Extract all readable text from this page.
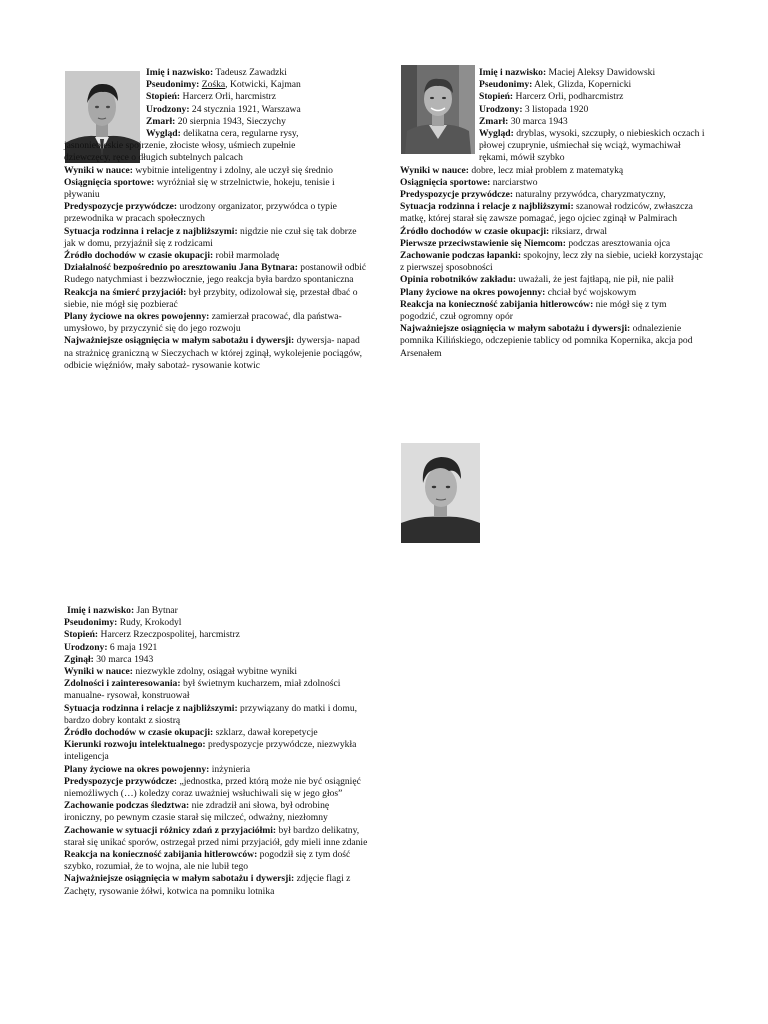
Imię i nazwisko: Tadeusz Zawadzki

Pseudonimy: Zośka, Kotwicki, Kajman

Stopień: Harcerz Orli, harcmistrz

Urodzony: 24 stycznia 1921, Warszawa

Zmarł: 20 sierpnia 1943, Sieczychy

Wygląd: delikatna cera, regularne rysy, jasnoniebieskie spojrzenie, złociste włosy, uśmiech zupełnie dziewczęcy, ręce o długich subtelnych palcach

Wyniki w nauce: wybitnie inteligentny i zdolny, ale uczył się średnio

Osiągnięcia sportowe: wyróżniał się w strzelnictwie, hokeju, tenisie i pływaniu

Predyspozycje przywódcze: urodzony organizator, przywódca o typie przewodnika w pracach społecznych

Sytuacja rodzinna i relacje z najbliższymi: nigdzie nie czuł się tak dobrze jak w domu, przyjaźnił się z rodzicami

Źródło dochodów w czasie okupacji: robił marmoladę

Działalność bezpośrednio po aresztowaniu Jana Bytnara: postanowił odbić Rudego natychmiast i bezzwłocznie, jego reakcja była bardzo spontaniczna

Reakcja na śmierć przyjaciół: był przybity, odizolował się, przestał dbać o siebie, nie mógł się pozbierać

Plany życiowe na okres powojenny: zamierzał pracować, dla państwa- umysłowo, by przyczynić się do jego rozwoju

Najważniejsze osiągnięcia w małym sabotażu i dywersji: dywersja- napad na strażnicę graniczną w Sieczychach w której zginął, wykolejenie pociągów, odbicie więźniów, mały sabotaż- rysowanie kotwic

Imię i nazwisko: Maciej Aleksy Dawidowski

Pseudonimy: Alek, Glizda, Kopernicki

Stopień: Harcerz Orli, podharcmistrz

Urodzony: 3 listopada 1920

Zmarł: 30 marca 1943

Wygląd: dryblas, wysoki, szczupły, o niebieskich oczach i płowej czuprynie, uśmiechał się wciąż, wymachiwał rękami, mówił szybko

Wyniki w nauce: dobre, lecz miał problem z matematyką

Osiągnięcia sportowe: narciarstwo

Predyspozycje przywódcze: naturalny przywódca, charyzmatyczny,

Sytuacja rodzinna i relacje z najbliższymi: szanował rodziców, zwłaszcza matkę, której starał się zawsze pomagać, jego ojciec zginął w Palmirach

Źródło dochodów w czasie okupacji: riksiarz, drwal

Pierwsze przeciwstawienie się Niemcom: podczas aresztowania ojca

Zachowanie podczas łapanki: spokojny, lecz zły na siebie, uciekł korzystając z pierwszej sposobności

Opinia robotników zakładu: uważali, że jest fajtłapą, nie pił, nie palił

Plany życiowe na okres powojenny: chciał być wojskowym

Reakcja na konieczność zabijania hitlerowców: nie mógł się z tym pogodzić, czuł ogromny opór

Najważniejsze osiągnięcia w małym sabotażu i dywersji: odnalezienie pomnika Kilińskiego, odczepienie tablicy od pomnika Kopernika, akcja pod Arsenałem

Imię i nazwisko: Jan Bytnar

Pseudonimy: Rudy, Krokodyl

Stopień: Harcerz Rzeczpospolitej, harcmistrz

Urodzony: 6 maja 1921

Zginął: 30 marca 1943

Wyniki w nauce: niezwykle zdolny, osiągał wybitne wyniki

Zdolności i zainteresowania: był świetnym kucharzem, miał zdolności manualne- rysował, konstruował

Sytuacja rodzinna i relacje z najbliższymi: przywiązany do matki i domu, bardzo dobry kontakt z siostrą

Źródło dochodów w czasie okupacji: szklarz, dawał korepetycje

Kierunki rozwoju intelektualnego: predyspozycje przywódcze, niezwykła inteligencja

Plany życiowe na okres powojenny: inżynieria

Predyspozycje przywódcze: „jednostka, przed którą może nie być osiągnięć niemożliwych (…) koledzy coraz uważniej wsłuchiwali się w jego głos”

Zachowanie podczas śledztwa: nie zdradził ani słowa, był odrobinę ironiczny, po pewnym czasie starał się milczeć, odważny, niezłomny

Zachowanie w sytuacji różnicy zdań z przyjaciółmi: był bardzo delikatny, starał się unikać sporów, ostrzegał przed nimi przyjaciół, gdy mieli inne zdanie

Reakcja na konieczność zabijania hitlerowców: pogodził się z tym dość szybko, rozumiał, że to wojna, ale nie lubił tego

Najważniejsze osiągnięcia w małym sabotażu i dywersji: zdjęcie flagi z Zachęty, rysowanie żółwi, kotwica na pomniku lotnika
